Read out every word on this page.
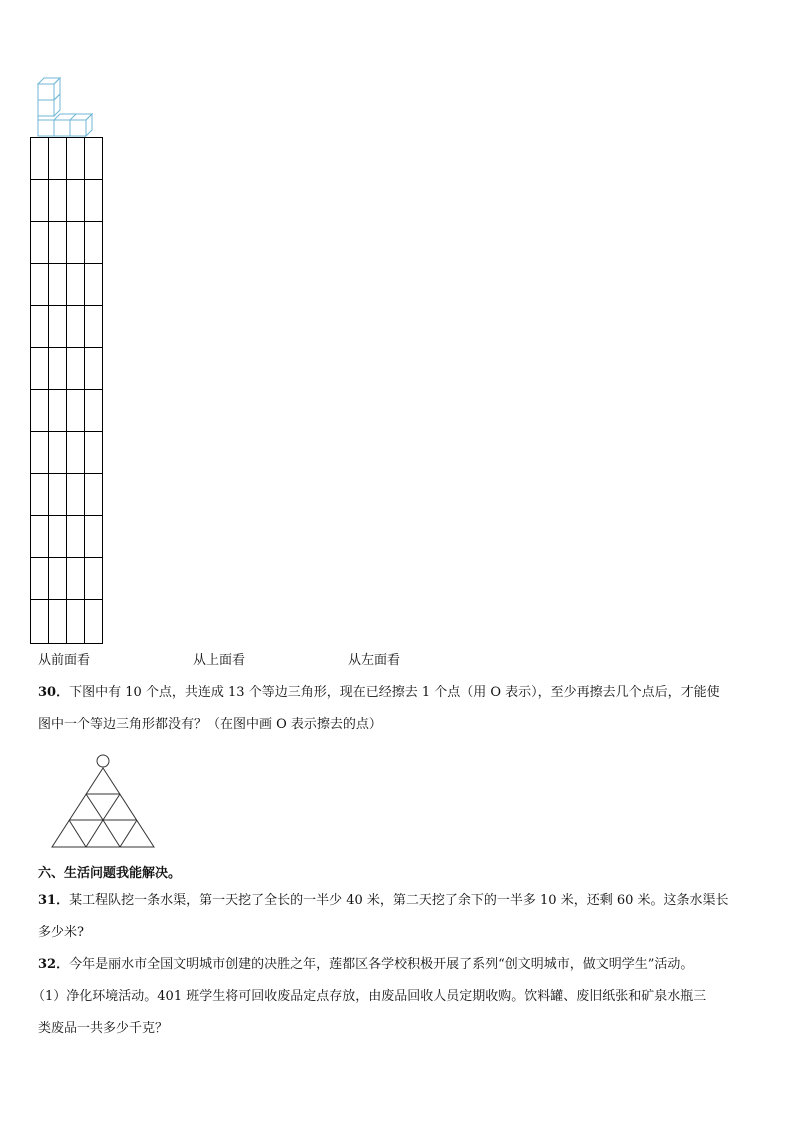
从前面看	从上面看	从左面看
30．下图中有 10 个点，共连成 13 个等边三角形，现在已经擦去 1 个点（用 O 表示），至少再擦去几个点后，才能使
图中一个等边三角形都没有？（在图中画 O 表示擦去的点）
六、生活问题我能解决。
31．某工程队挖一条水渠，第一天挖了全长的一半少 40 米，第二天挖了余下的一半多 10 米，还剩 60 米。这条水渠长
多少米?
32．今年是丽水市全国文明城市创建的决胜之年，莲都区各学校积极开展了系列“创文明城市，做文明学生”活动。
（1）净化环境活动。401 班学生将可回收废品定点存放，由废品回收人员定期收购。饮料罐、废旧纸张和矿泉水瓶三
类废品一共多少千克？
